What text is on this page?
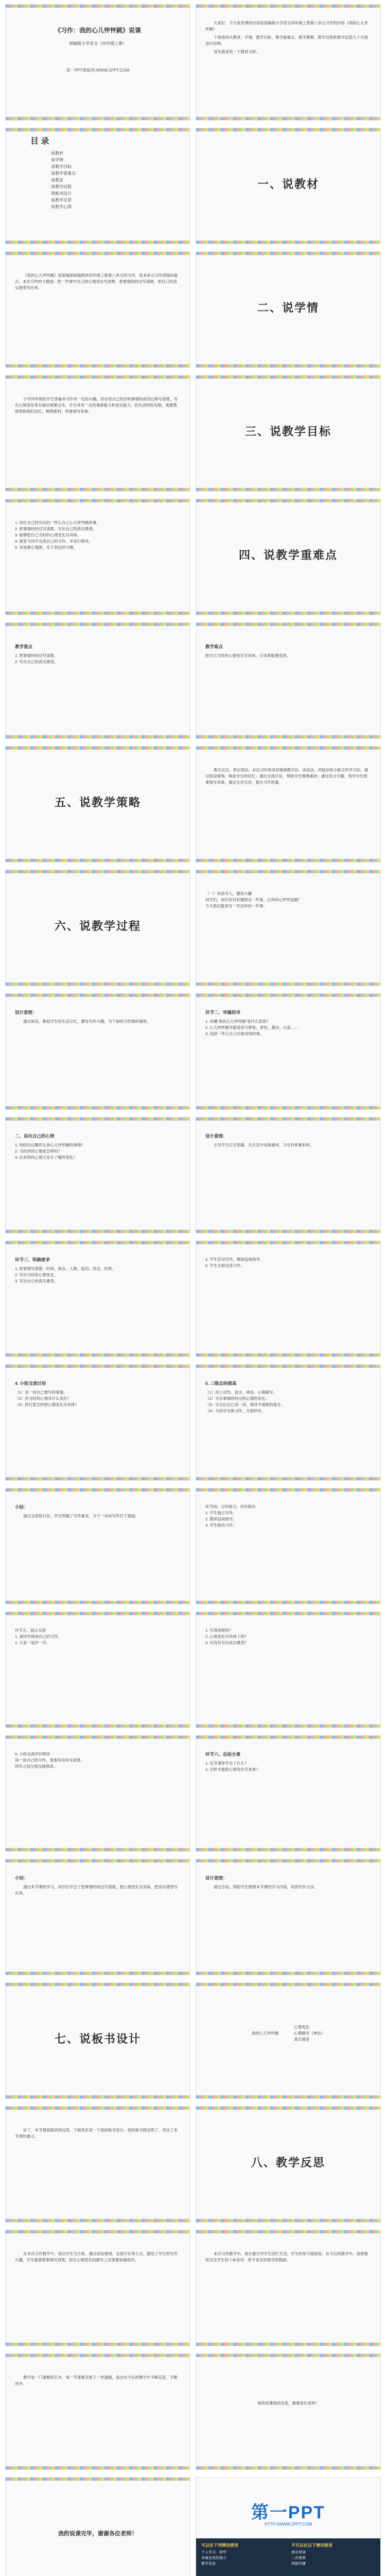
《习作：我的心儿怦怦跳》说课
部编版小学语文（四年级上册）
第一PPT模板网-WWW.1PPT.COM

大家好，今天我说课的内容是部编版小学语文四年级上册第八单元习作的内容《我的心儿怦怦跳》

下面我将从教材、学情、教学目标、教学重难点、教学策略、教学过程和教学反思几个方面进行说明。

首先我来说一下教材分析。

目 录
说教材
说学情
说教学目标
说教学重难点
说教法
说教学过程
说板书设计
说教学反思
说教学心得
一、说教材

《我的心儿怦怦跳》是部编版统编教材四年级上册第八单元的习作，是本单元习作训练的重点，本次习作的主题是：把一件事中自己的心情变化写清楚，把事情的经过写清楚，把自己的真实感受写出来。

二、说学情

小学四年级的学生普遍对习作有一定的兴趣，但在将自己经历的事情的前因后果写清楚、写出心情变化等方面还需要引导。学生具有一定的观察能力和表达能力，但生活经验有限，需要教师帮助他们回忆、梳理素材，将事情写具体。

三、说教学目标

1. 回忆自己经历过的一件让自己心儿怦怦跳的事。

2. 把事情的经过写清楚，写出自己的真实感受。

3. 能够把自己当时的心情变化写具体。

4. 愿意与同学交流自己的习作，并进行修改。

5. 养成留心观察、乐于表达的习惯。

四、说教学重难点
教学重点

1. 把事情的经过写清楚。

2. 写出自己的真实感受。

教学难点

把自己当时的心情变化写具体，让读者能感受到。

五、说教学策略

教无定法，贵在得法。本次习作我采用情境教学法、谈话法、讲授法和小组合作学习法。通过创设情境，唤起学生的回忆；通过交流讨论，帮助学生梳理素材；通过范文引路，指导学生把事情写具体；通过互评互改，提升习作质量。

六、说教学过程

（一）谈话导入，激发兴趣

同学们，你们有没有遇到过一件事，让你的心怦怦直跳？

今天我们就来写一写这样的一件事。

设计意图：

通过谈话，唤起学生的生活记忆，激发写作兴趣，为下面的习作做好铺垫。

环节二、审题指导

1. 读懂“我的心儿怦怦跳”是什么意思？

2. 心儿怦怦跳可能是因为紧张、害怕、激动、兴奋……

3. 选择一件让自己印象深刻的事。

二、说出自己的心情

1. 你经历过哪些让你心儿怦怦跳的事情？

2. 当时你的心情是怎样的？

3. 后来你的心情又发生了哪些变化？

设计意图：

引导学生打开思路，从生活中选取素材，为写作积累材料。

环节三、明确要求

1. 把事情写清楚：时间、地点、人物、起因、经过、结果。

2. 写出当时的心情变化。

3. 写出自己的真实感受。

4. 学生尝试写作，教师巡视指导。

5. 学生互相交流习作。

4. 小组交流讨论

（1）说一说自己要写的事情。

（2）你当时的心情有什么变化？

（3）你打算怎样把心情变化写具体？

5. 三级总结提高

（1）用上动作、语言、神态、心理描写。

（2）写出事情的经过和心情的变化。

（3）写完后自己读一读，修改不通顺的地方。

（4）与同学交换习作，互相评价。

小结：

通过交流和讨论，学生明确了写作要求，为下一步的写作打下基础。

环节四、习作练习、评价修改

1. 学生独立写作。

2. 教师巡视指导。

3. 学生修改习作。

环节五、展示交流

1. 请同学朗读自己的习作。

2. 大家一起评一评。

1. 写得清楚吗？

2. 心情变化写具体了吗？

3. 有没有写出真实感受？

6. 小组交流评价修改

读一读自己的习作，看看有没有写清楚。

同学之间互相交换修改。

环节六、总结全课

1. 这节课你学会了什么？

2. 怎样才能把心情变化写具体？

小结：

通过本节课的学习，同学们学会了把事情的经过写清楚，把心情变化写具体，把真实感受写出来。

设计意图：

通过总结，帮助学生梳理本节课的学习内容，巩固写作方法。

七、说板书设计	我的心儿怦怦跳
心情变化
心理描写（神态）
真实感受

好了，本节课我就讲到这里，下面我来说一下我的板书设计。我的板书简洁明了，突出了本节课的重点。

八、教学反思

在本次习作教学中，我以学生为主体，通过创设情境、交流讨论等方式，激发了学生的写作兴趣，学生能够把事情写清楚，但在心情变化的描写上还需要加强指导。

本次习作教学中，我注重引导学生回忆生活，学生的参与度较高。在今后的教学中，我将继续关注学生的个体差异，给予更多的指导和鼓励。

教学是一门遗憾的艺术，每一节课都会留下一些遗憾，我会在今后的教学中不断反思，不断进步。

我的说课到此结束，谢谢各位老师！

我的说课完毕，谢谢各位老师！
第一PPT
HTTP://WWW.1PPT.COM
可以在下列情况使用
个人学习、研究
非商业性的演示
教学用途
不可以在以下情况使用
商业用途
二次销售
网络传播
